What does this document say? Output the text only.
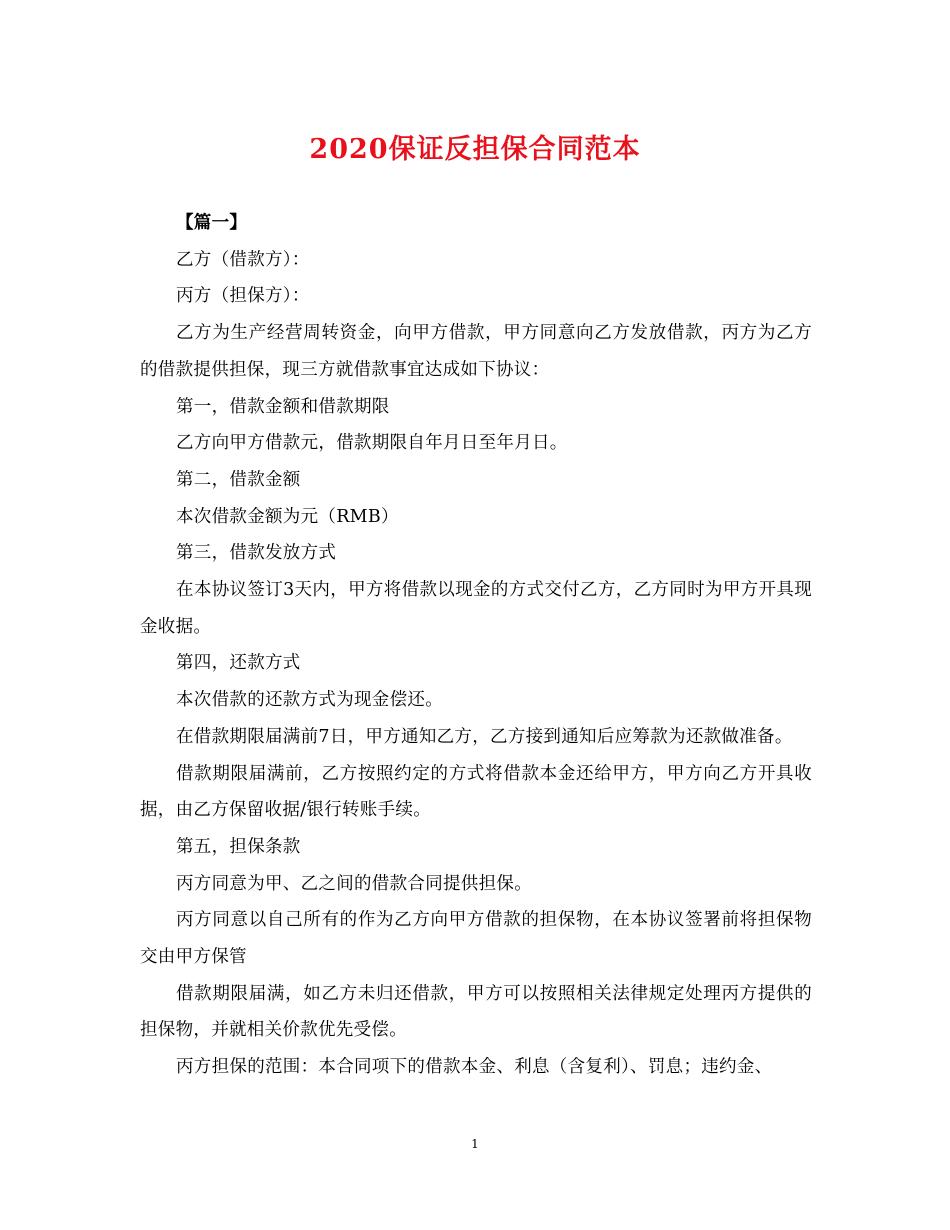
2020保证反担保合同范本

【篇一】

乙方（借款方）：

丙方（担保方）：

乙方为生产经营周转资金，向甲方借款，甲方同意向乙方发放借款，丙方为乙方的借款提供担保，现三方就借款事宜达成如下协议：

第一，借款金额和借款期限

乙方向甲方借款元，借款期限自年月日至年月日。

第二，借款金额

本次借款金额为元（RMB）

第三，借款发放方式

在本协议签订3天内，甲方将借款以现金的方式交付乙方，乙方同时为甲方开具现金收据。

第四，还款方式

本次借款的还款方式为现金偿还。

在借款期限届满前7日，甲方通知乙方，乙方接到通知后应筹款为还款做准备。

借款期限届满前，乙方按照约定的方式将借款本金还给甲方，甲方向乙方开具收据，由乙方保留收据/银行转账手续。

第五，担保条款

丙方同意为甲、乙之间的借款合同提供担保。

丙方同意以自己所有的作为乙方向甲方借款的担保物，在本协议签署前将担保物交由甲方保管

借款期限届满，如乙方未归还借款，甲方可以按照相关法律规定处理丙方提供的担保物，并就相关价款优先受偿。

丙方担保的范围：本合同项下的借款本金、利息（含复利）、罚息；违约金、

1
